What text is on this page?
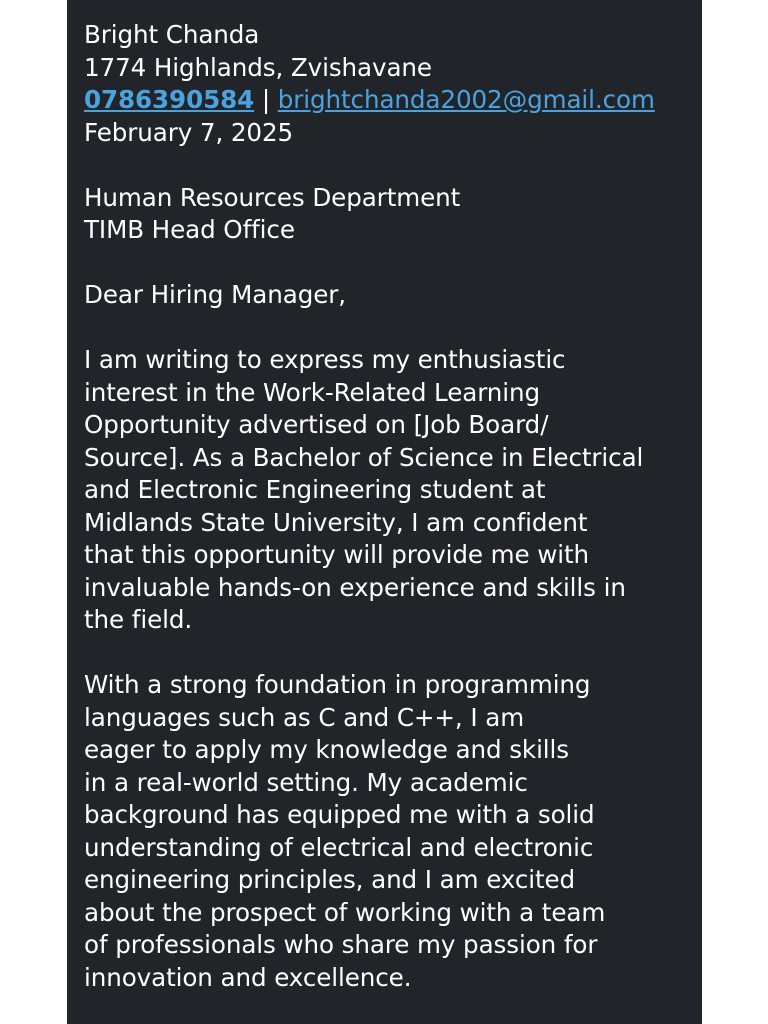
Bright Chanda
1774 Highlands, Zvishavane
0786390584 | brightchanda2002@gmail.com
February 7, 2025
Human Resources Department
TIMB Head Office
Dear Hiring Manager,
I am writing to express my enthusiastic
interest in the Work-Related Learning
Opportunity advertised on [Job Board/
Source]. As a Bachelor of Science in Electrical
and Electronic Engineering student at
Midlands State University, I am confident
that this opportunity will provide me with
invaluable hands-on experience and skills in
the field.
With a strong foundation in programming
languages such as C and C++, I am
eager to apply my knowledge and skills
in a real-world setting. My academic
background has equipped me with a solid
understanding of electrical and electronic
engineering principles, and I am excited
about the prospect of working with a team
of professionals who share my passion for
innovation and excellence.
